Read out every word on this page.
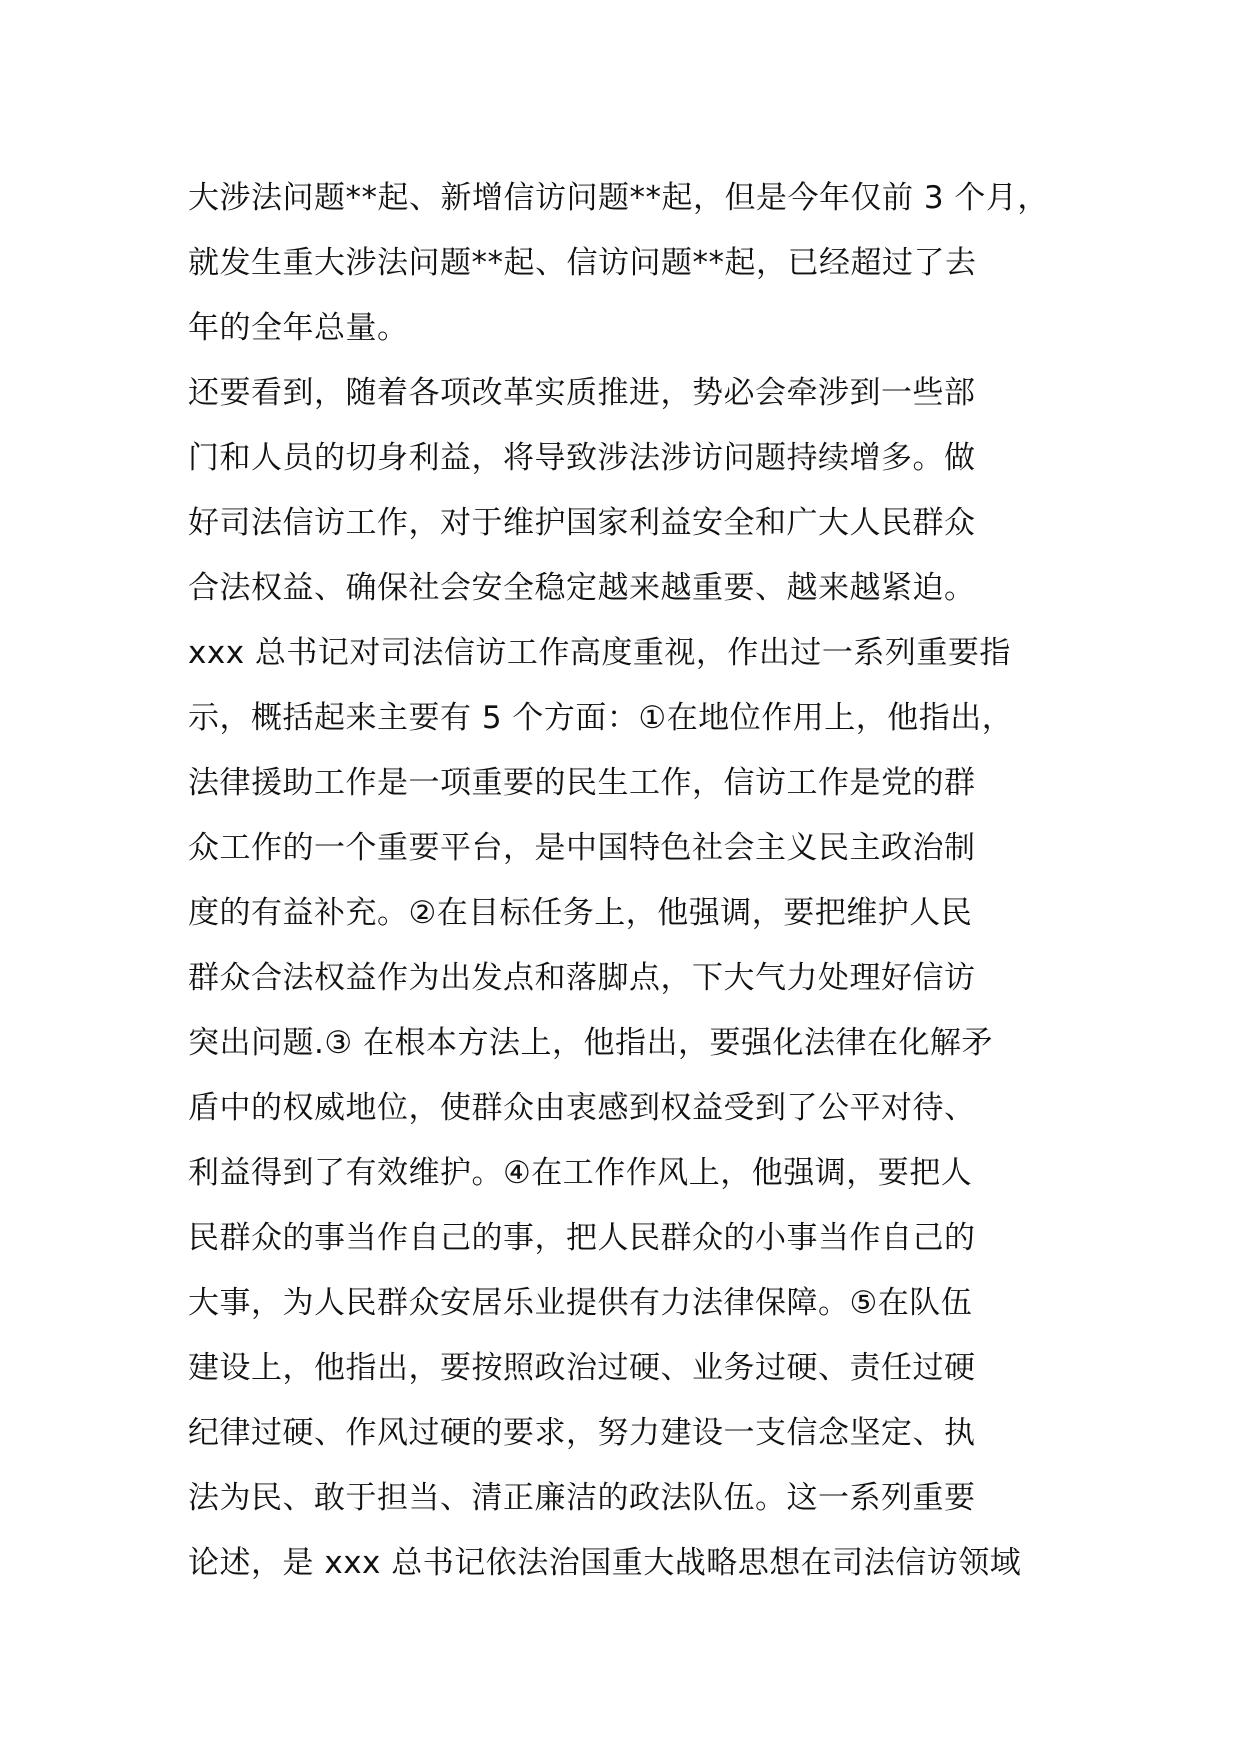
大涉法问题**起、新增信访问题**起，但是今年仅前 3 个月，
就发生重大涉法问题**起、信访问题**起，已经超过了去
年的全年总量。
还要看到，随着各项改革实质推进，势必会牵涉到一些部
门和人员的切身利益，将导致涉法涉访问题持续增多。做
好司法信访工作，对于维护国家利益安全和广大人民群众
合法权益、确保社会安全稳定越来越重要、越来越紧迫。
xxx 总书记对司法信访工作高度重视，作出过一系列重要指
示，概括起来主要有 5 个方面：①在地位作用上，他指出，
法律援助工作是一项重要的民生工作，信访工作是党的群
众工作的一个重要平台，是中国特色社会主义民主政治制
度的有益补充。②在目标任务上，他强调，要把维护人民
群众合法权益作为出发点和落脚点，下大气力处理好信访
突出问题.③ 在根本方法上，他指出，要强化法律在化解矛
盾中的权威地位，使群众由衷感到权益受到了公平对待、
利益得到了有效维护。④在工作作风上，他强调，要把人
民群众的事当作自己的事，把人民群众的小事当作自己的
大事，为人民群众安居乐业提供有力法律保障。⑤在队伍
建设上，他指出，要按照政治过硬、业务过硬、责任过硬
纪律过硬、作风过硬的要求，努力建设一支信念坚定、执
法为民、敢于担当、清正廉洁的政法队伍。这一系列重要
论述，是 xxx 总书记依法治国重大战略思想在司法信访领域
